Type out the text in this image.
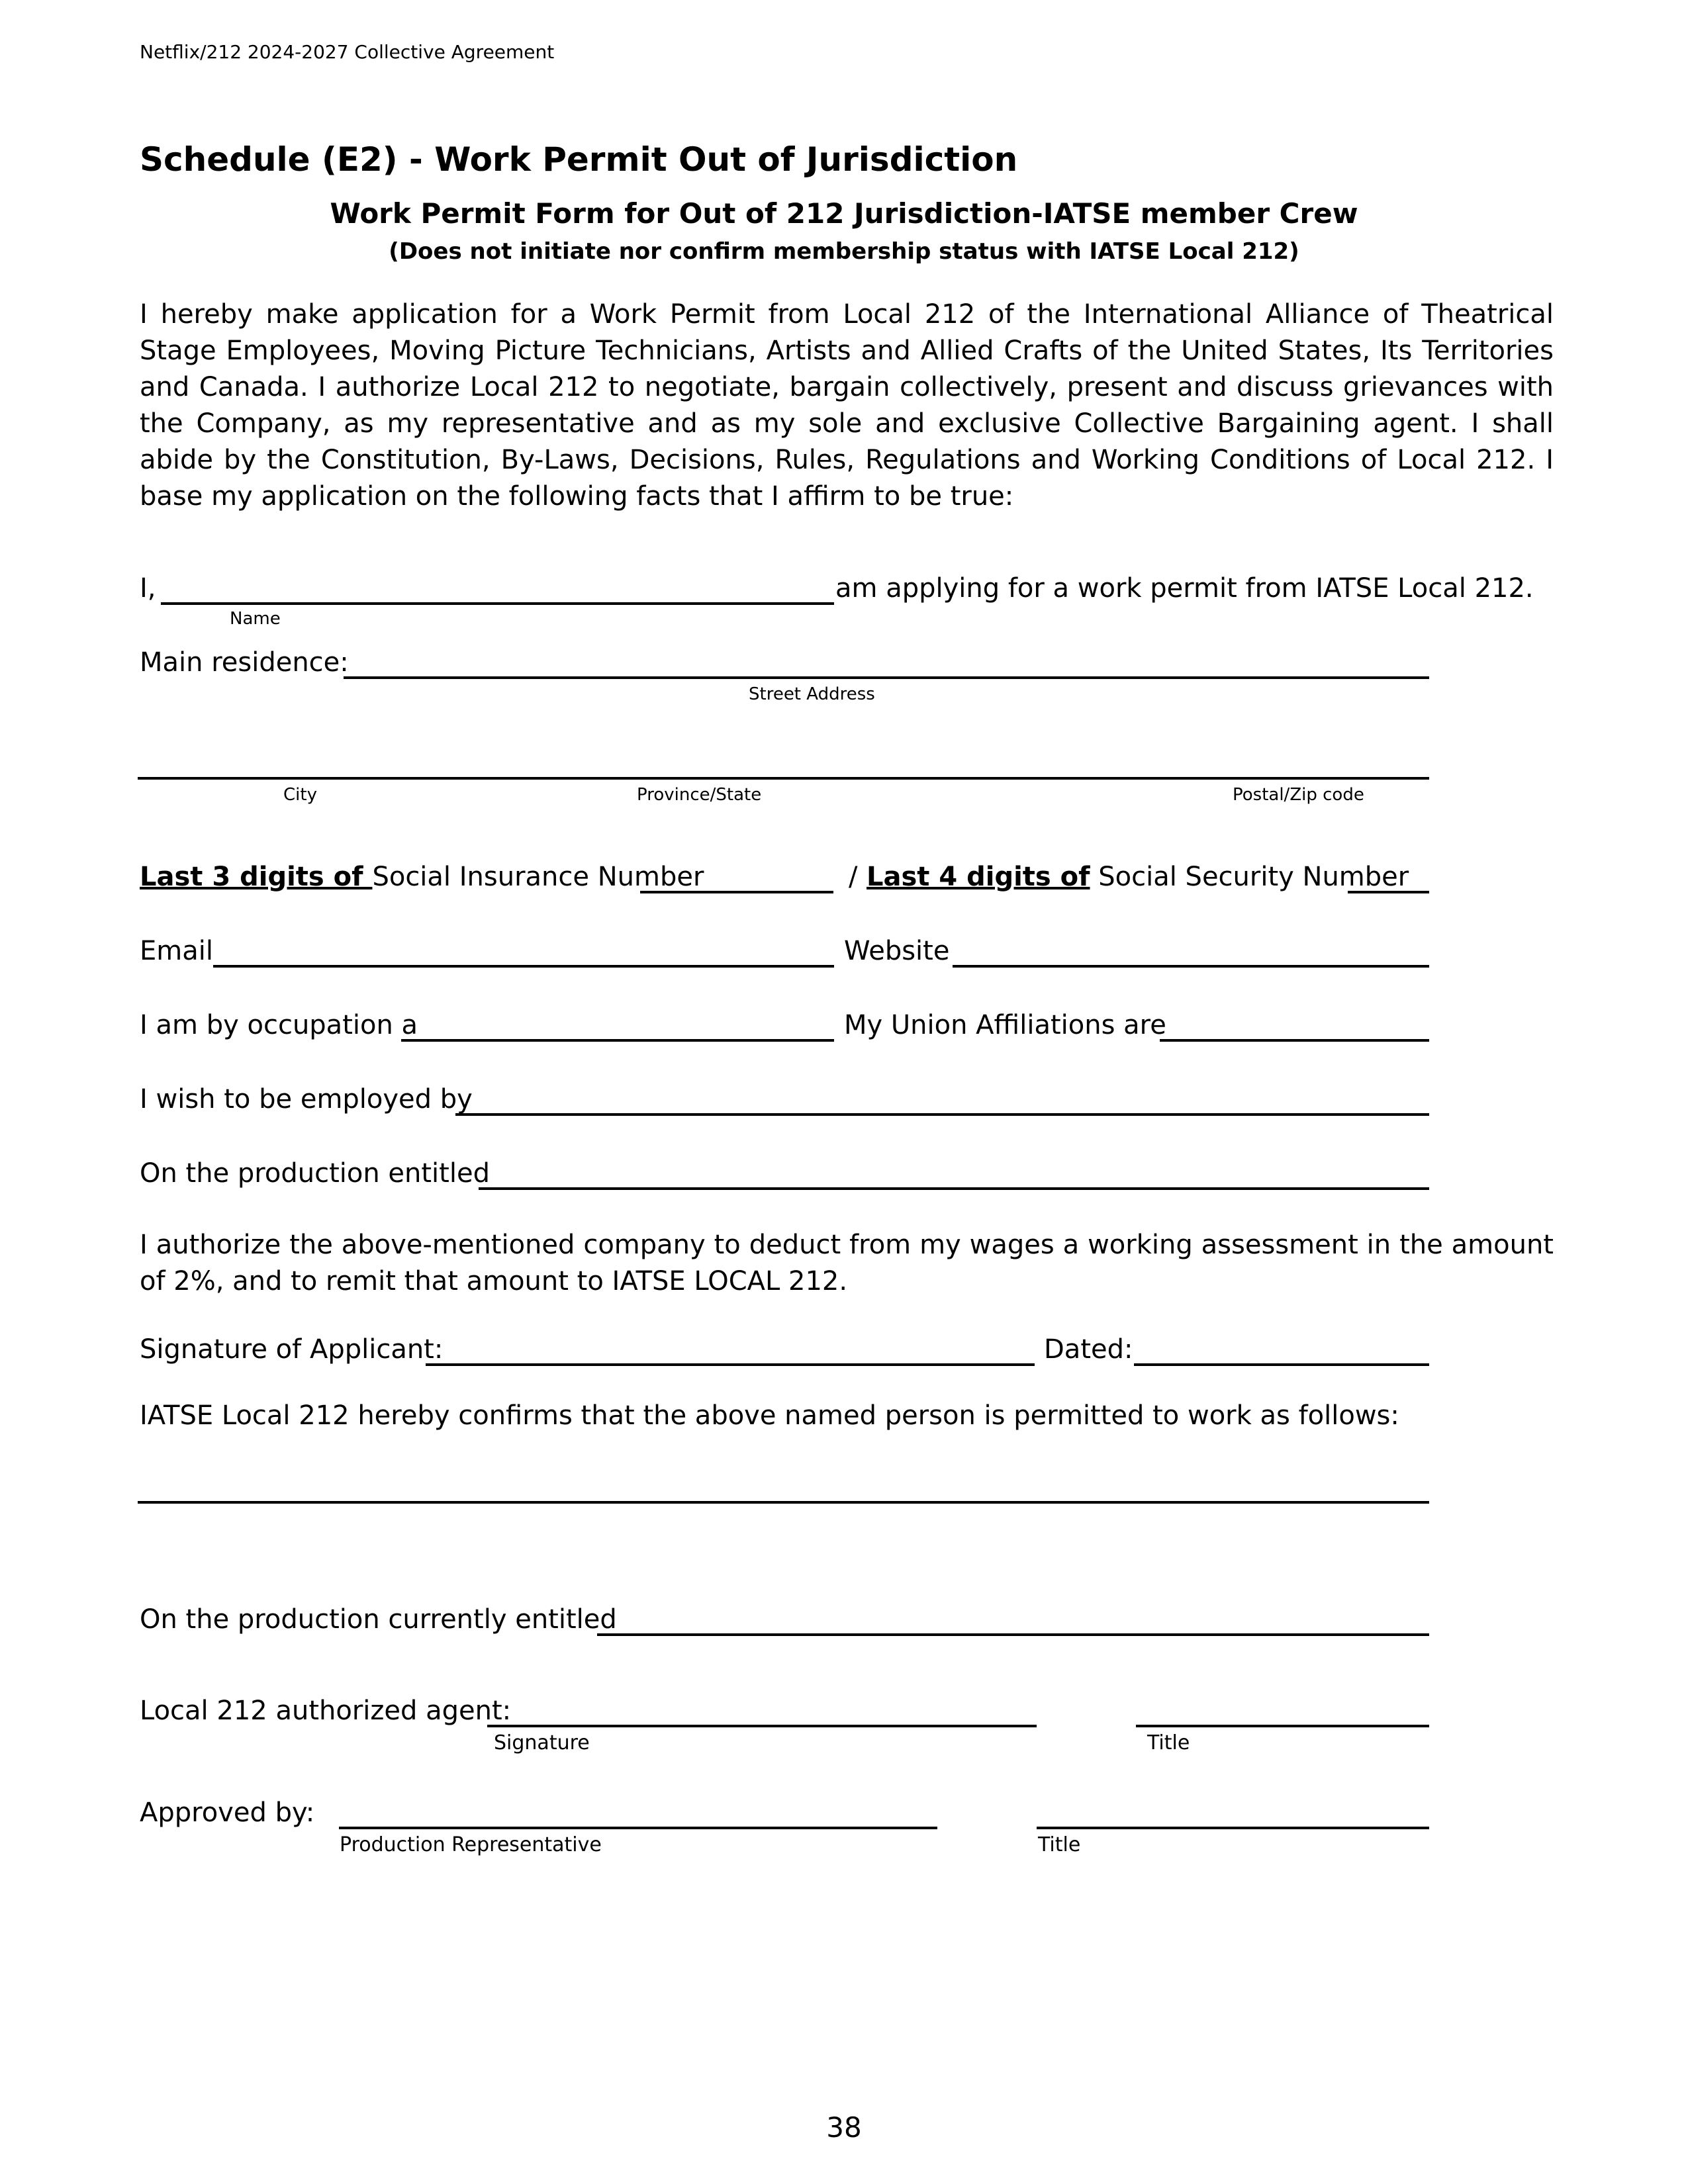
Netflix/212 2024-2027 Collective Agreement
Schedule (E2) - Work Permit Out of Jurisdiction
Work Permit Form for Out of 212 Jurisdiction-IATSE member Crew
(Does not initiate nor confirm membership status with IATSE Local 212)
I hereby make application for a Work Permit from Local 212 of the International Alliance of Theatrical Stage Employees, Moving Picture Technicians, Artists and Allied Crafts of the United States, Its Territories and Canada. I authorize Local 212 to negotiate, bargain collectively, present and discuss grievances with the Company, as my representative and as my sole and exclusive Collective Bargaining agent. I shall abide by the Constitution, By-Laws, Decisions, Rules, Regulations and Working Conditions of Local 212. I base my application on the following facts that I affirm to be true:
I,	am applying for a work permit from IATSE Local 212.
Name
Main residence:
Street Address
City	Province/State	Postal/Zip code
Last 3 digits of Social Insurance Number	/ Last 4 digits of Social Security Number
Email	Website
I am by occupation a	My Union Affiliations are
I wish to be employed by
On the production entitled
I authorize the above-mentioned company to deduct from my wages a working assessment in the amount of 2%, and to remit that amount to IATSE LOCAL 212.
Signature of Applicant:	Dated:
IATSE Local 212 hereby confirms that the above named person is permitted to work as follows:
On the production currently entitled
Local 212 authorized agent:
Signature	Title
Approved by:
Production Representative	Title
38
